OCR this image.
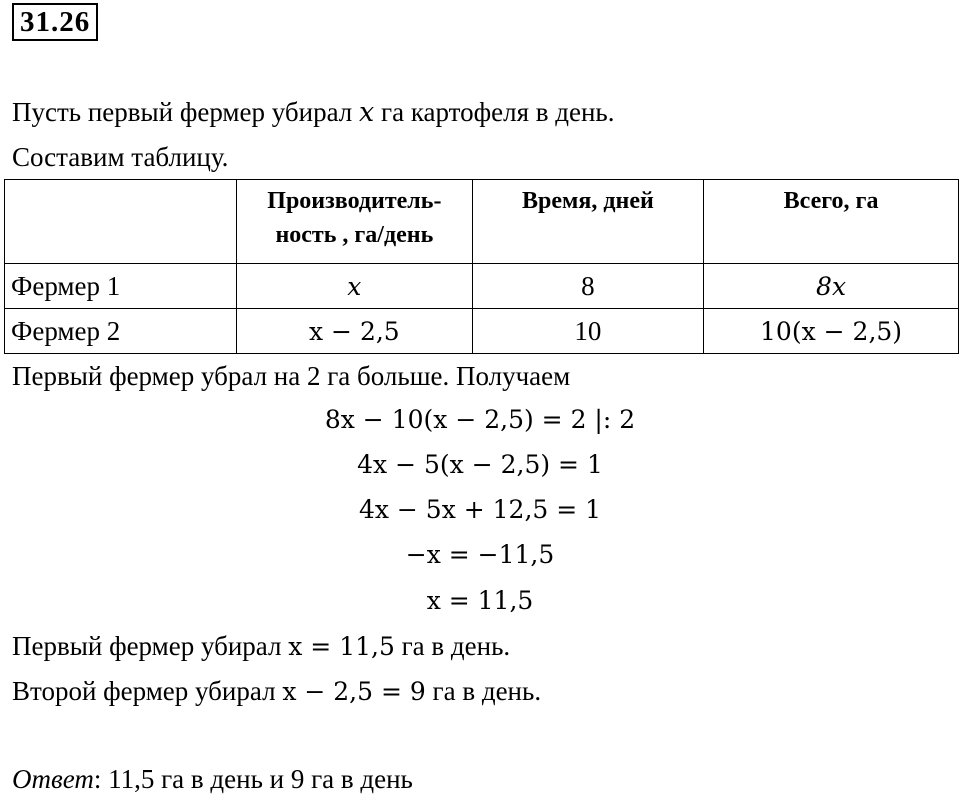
31.26
Пусть первый фермер убирал x га картофеля в день.
Составим таблицу.
	Производитель-
ность , га/день	Время, дней	Всего, га
Фермер 1	x	8	8x
Фермер 2	x − 2,5	10	10(x − 2,5)
Первый фермер убрал на 2 га больше. Получаем
8x − 10(x − 2,5) = 2 |: 2
4x − 5(x − 2,5) = 1
4x − 5x + 12,5 = 1
−x = −11,5
x = 11,5
Первый фермер убирал x = 11,5 га в день.
Второй фермер убирал x − 2,5 = 9 га в день.
Ответ: 11,5 га в день и 9 га в день
